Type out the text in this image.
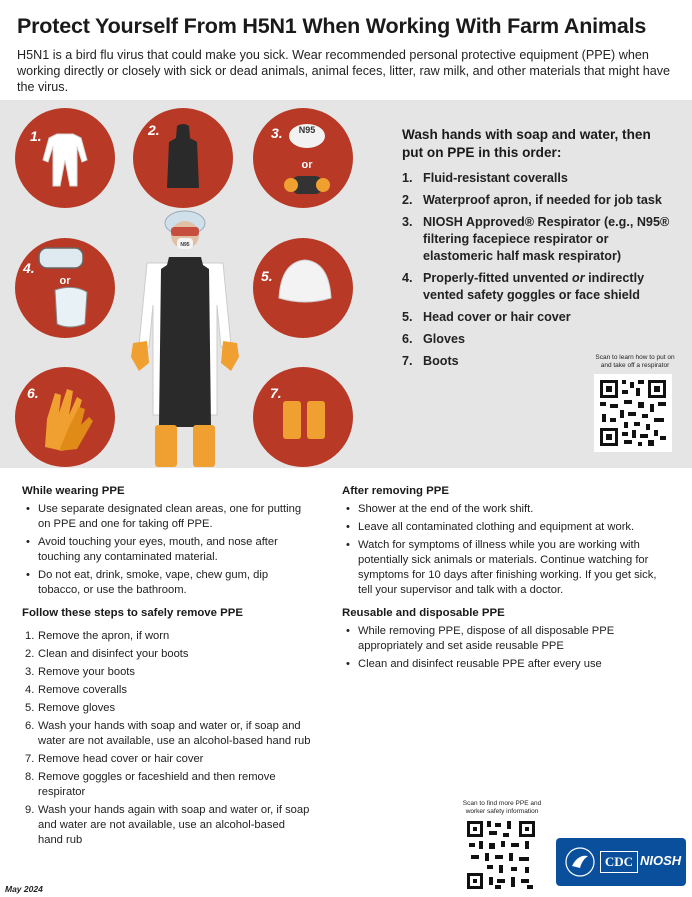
Protect Yourself From H5N1 When Working With Farm Animals
H5N1 is a bird flu virus that could make you sick. Wear recommended personal protective equipment (PPE) when working directly or closely with sick or dead animals, animal feces, litter, raw milk, and other materials that might have the virus.
1.	2.	3. N95
or
4.
or	5.
6.	7.
N95
Wash hands with soap and water, then put on PPE in this order:
1. Fluid-resistant coveralls
2. Waterproof apron, if needed for job task
3. NIOSH Approved® Respirator (e.g., N95® filtering facepiece respirator or elastomeric half mask respirator)
4. Properly-fitted unvented or indirectly vented safety goggles or face shield
5. Head cover or hair cover
6. Gloves
7. Boots	Scan to learn how to put on and take off a respirator
While wearing PPE
• Use separate designated clean areas, one for putting on PPE and one for taking off PPE.
• Avoid touching your eyes, mouth, and nose after touching any contaminated material.
• Do not eat, drink, smoke, vape, chew gum, dip tobacco, or use the bathroom.
Follow these steps to safely remove PPE
1. Remove the apron, if worn
2. Clean and disinfect your boots
3. Remove your boots
4. Remove coveralls
5. Remove gloves
6. Wash your hands with soap and water or, if soap and water are not available, use an alcohol-based hand rub
7. Remove head cover or hair cover
8. Remove goggles or faceshield and then remove respirator
9. Wash your hands again with soap and water or, if soap and water are not available, use an alcohol-based hand rub
After removing PPE
• Shower at the end of the work shift.
• Leave all contaminated clothing and equipment at work.
• Watch for symptoms of illness while you are working with potentially sick animals or materials. Continue watching for symptoms for 10 days after finishing working. If you get sick, tell your supervisor and talk with a doctor.
Reusable and disposable PPE
• While removing PPE, dispose of all disposable PPE appropriately and set aside reusable PPE
• Clean and disinfect reusable PPE after every use
Scan to find more PPE and worker safety information
May 2024
CDC NIOSH
